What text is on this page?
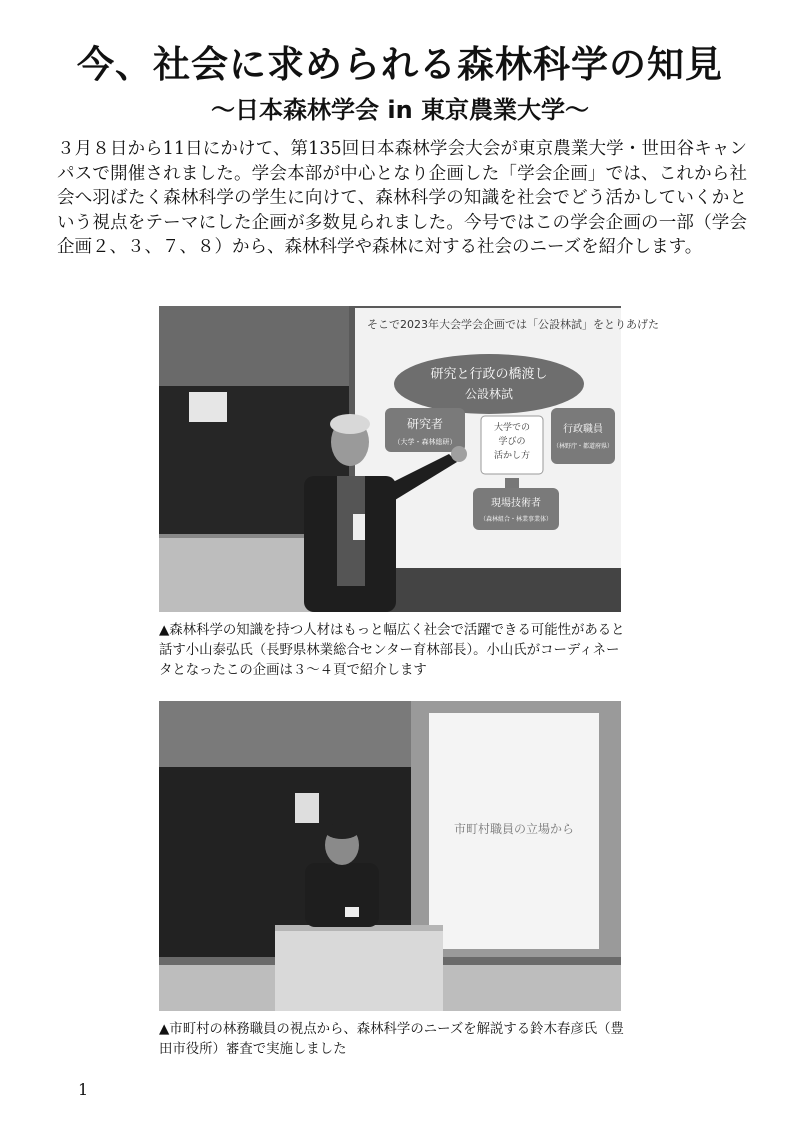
今、社会に求められる森林科学の知見
～日本森林学会 in 東京農業大学～

３月８日から11日にかけて、第135回日本森林学会大会が東京農業大学・世田谷キャンパスで開催されました。学会本部が中心となり企画した「学会企画」では、これから社会へ羽ばたく森林科学の学生に向けて、森林科学の知識を社会でどう活かしていくかという視点をテーマにした企画が多数見られました。今号ではこの学会企画の一部（学会企画２、３、７、８）から、森林科学や森林に対する社会のニーズを紹介します。

そこで2023年大会学会企画では「公設林試」をとりあげた
研究と行政の橋渡し
公設林試
研究者
（大学・森林総研）
行政職員
（林野庁・都道府県）
大学での
学びの
活かし方
現場技術者
（森林組合・林業事業体）

▲森林科学の知識を持つ人材はもっと幅広く社会で活躍できる可能性があると話す小山泰弘氏（長野県林業総合センター育林部長）。小山氏がコーディネータとなったこの企画は３～４頁で紹介します

市町村職員の立場から

▲市町村の林務職員の視点から、森林科学のニーズを解説する鈴木春彦氏（豊田市役所）審査で実施しました

1
